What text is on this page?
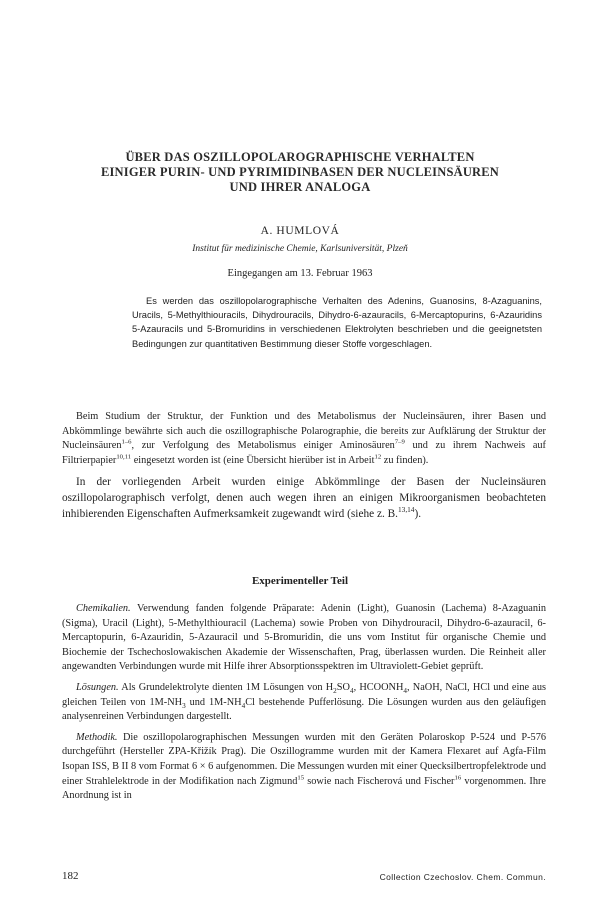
ÜBER DAS OSZILLOPOLAROGRAPHISCHE VERHALTEN
EINIGER PURIN- UND PYRIMIDINBASEN DER NUCLEINSÄUREN
UND IHRER ANALOGA
A. HUMLOVÁ
Institut für medizinische Chemie, Karlsuniversität, Plzeň
Eingegangen am 13. Februar 1963

Es werden das oszillopolarographische Verhalten des Adenins, Guanosins, 8-Azaguanins, Uracils, 5-Methylthiouracils, Dihydrouracils, Dihydro-6-azauracils, 6-Mercaptopurins, 6-Azauridins 5-Azauracils und 5-Bromuridins in verschiedenen Elektrolyten beschrieben und die geeignetsten Bedingungen zur quantitativen Bestimmung dieser Stoffe vorgeschlagen.

Beim Studium der Struktur, der Funktion und des Metabolismus der Nucleinsäuren, ihrer Basen und Abkömmlinge bewährte sich auch die oszillographische Polarographie, die bereits zur Aufklärung der Struktur der Nucleinsäuren$^{1-6}$, zur Verfolgung des Metabolismus einiger Aminosäuren$^{7-9}$ und zu ihrem Nachweis auf Filtrierpapier$^{10,11}$ eingesetzt worden ist (eine Übersicht hierüber ist in Arbeit$^{12}$ zu finden).

In der vorliegenden Arbeit wurden einige Abkömmlinge der Basen der Nucleinsäuren oszillopolarographisch verfolgt, denen auch wegen ihren an einigen Mikroorganismen beobachteten inhibierenden Eigenschaften Aufmerksamkeit zugewandt wird (siehe z. B.$^{13,14}$).

Experimenteller Teil

Chemikalien. Verwendung fanden folgende Präparate: Adenin (Light), Guanosin (Lachema) 8-Azaguanin (Sigma), Uracil (Light), 5-Methylthiouracil (Lachema) sowie Proben von Dihydrouracil, Dihydro-6-azauracil, 6-Mercaptopurin, 6-Azauridin, 5-Azauracil und 5-Bromuridin, die uns vom Institut für organische Chemie und Biochemie der Tschechoslowakischen Akademie der Wissenschaften, Prag, überlassen wurden. Die Reinheit aller angewandten Verbindungen wurde mit Hilfe ihrer Absorptionsspektren im Ultraviolett-Gebiet geprüft.

Lösungen. Als Grundelektrolyte dienten 1M Lösungen von $H_2SO_4$, $HCOONH_4$, NaOH, NaCl, HCl und eine aus gleichen Teilen von $1M-NH_3$ und $1M-NH_4Cl$ bestehende Pufferlösung. Die Lösungen wurden aus den geläufigen analysenreinen Verbindungen dargestellt.

Methodik. Die oszillopolarographischen Messungen wurden mit den Geräten Polaroskop P-524 und P-576 durchgeführt (Hersteller ZPA-Křižík Prag). Die Oszillogramme wurden mit der Kamera Flexaret auf Agfa-Film Isopan ISS, B II 8 vom Format 6 × 6 aufgenommen. Die Messungen wurden mit einer Quecksilbertropfelektrode und einer Strahlelektrode in der Modifikation nach Zigmund$^{15}$ sowie nach Fischerová und Fischer$^{16}$ vorgenommen. Ihre Anordnung ist in

182	Collection Czechoslov. Chem. Commun.
